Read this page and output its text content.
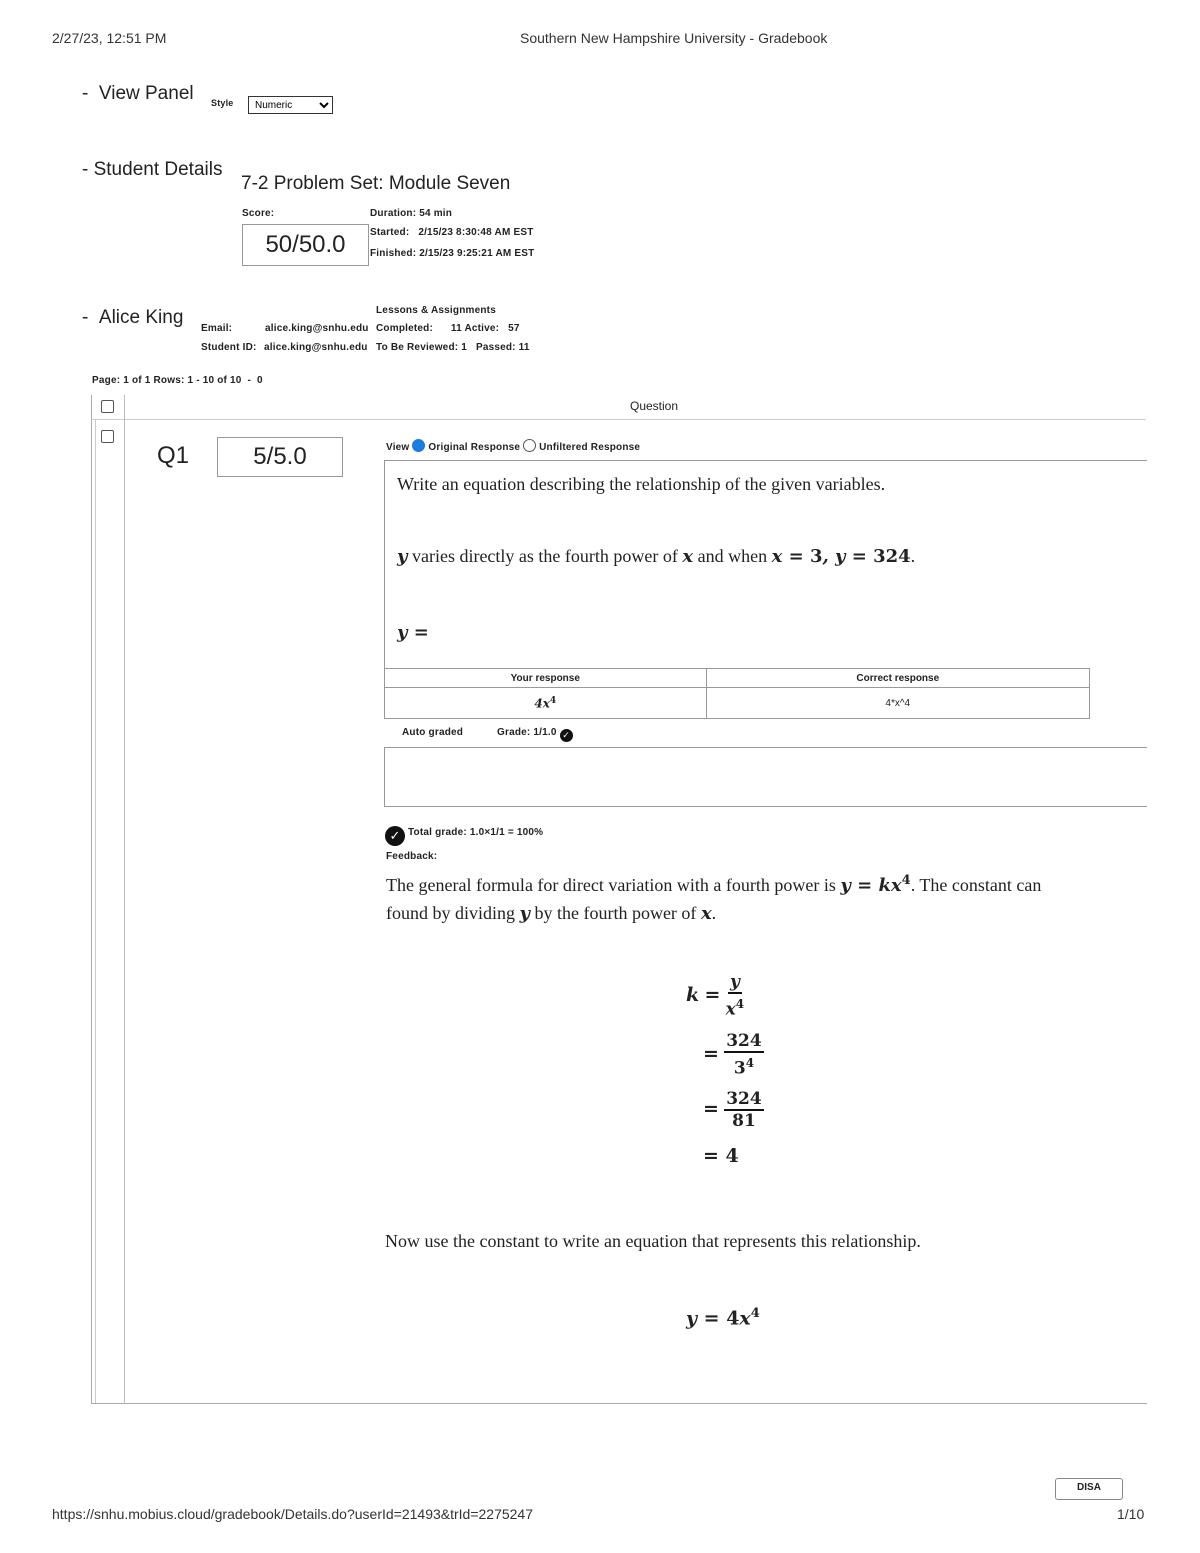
2/27/23, 12:51 PM	Southern New Hampshire University - Gradebook
- View Panel Style
Numeric
- Student Details
7-2 Problem Set: Module Seven
Score:
50/50.0
Duration: 54 min
Started:   2/15/23 8:30:48 AM EST
Finished: 2/15/23 9:25:21 AM EST
- Alice King	Lessons & Assignments
Email:	alice.king@snhu.edu Completed:      11 Active:   57
Student ID: alice.king@snhu.edu To Be Reviewed: 1   Passed: 11
Page: 1 of 1 Rows: 1 - 10 of 10  -  0
Question
Q1	5/5.0	View Original Response Unfiltered Response
Write an equation describing the relationship of the given variables.
y varies directly as the fourth power of x and when x = 3, y = 324.
y =
Your response	Correct response
$4x^4$	4*x^4
Auto graded	Grade: 1/1.0 ✓
✓ Total grade: 1.0×1/1 = 100%
Feedback:
The general formula for direct variation with a fourth power is $y = kx^4$. The constant can
found by dividing y by the fourth power of x.
$k = \frac{y}{x^4}$
= $\frac{324}{3^4}$
= $\frac{324}{81}$
= 4
Now use the constant to write an equation that represents this relationship.
$y = 4x^4$
DISA
https://snhu.mobius.cloud/gradebook/Details.do?userId=21493&trId=2275247	1/10
